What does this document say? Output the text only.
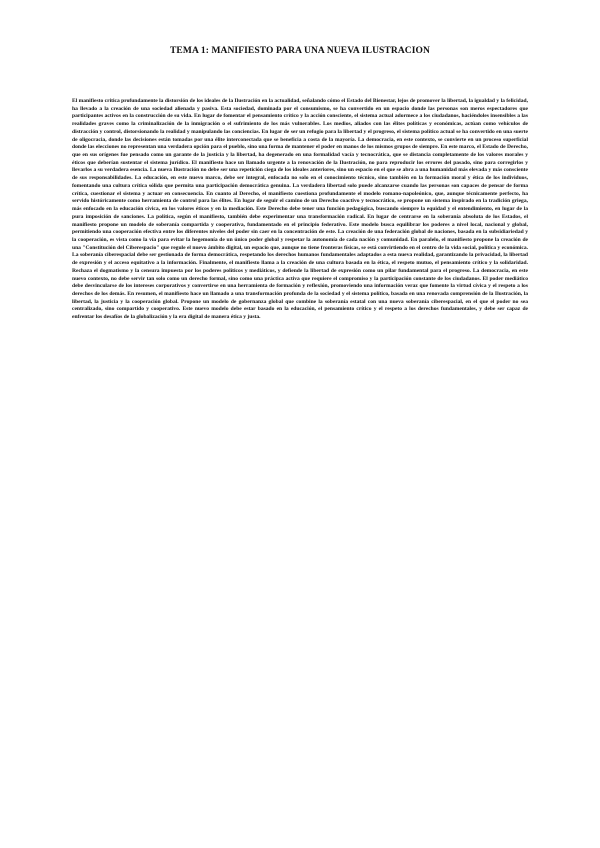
TEMA 1: MANIFIESTO PARA UNA NUEVA ILUSTRACION

El manifiesto critica profundamente la distorsión de los ideales de la Ilustración en la actualidad, señalando cómo el Estado del Bienestar, lejos de promover la libertad, la igualdad y la felicidad, ha llevado a la creación de una sociedad alienada y pasiva. Esta sociedad, dominada por el consumismo, se ha convertido en un espacio donde las personas son meros espectadores que participantes activos en la construcción de su vida. En lugar de fomentar el pensamiento crítico y la acción consciente, el sistema actual adormece a los ciudadanos, haciéndoles insensibles a las realidades graves como la criminalización de la inmigración o el sufrimiento de los más vulnerables. Los medios, aliados con las élites políticas y económicas, actúan como vehículos de distracción y control, distorsionando la realidad y manipulando las conciencias. En lugar de ser un refugio para la libertad y el progreso, el sistema político actual se ha convertido en una suerte de oligocracia, donde las decisiones están tomadas por una élite interconectada que se beneficia a costa de la mayoría. La democracia, en este contexto, se convierte en un proceso superficial donde las elecciones no representan una verdadera opción para el pueblo, sino una forma de mantener el poder en manos de los mismos grupos de siempre. En este marco, el Estado de Derecho, que en sus orígenes fue pensado como un garante de la justicia y la libertad, ha degenerado en una formalidad vacía y tecnocrática, que se distancia completamente de los valores morales y éticos que deberían sustentar el sistema jurídico. El manifiesto hace un llamado urgente a la renovación de la Ilustración, no para reproducir los errores del pasado, sino para corregirlos y llevarlos a su verdadera esencia. La nueva Ilustración no debe ser una repetición ciega de los ideales anteriores, sino un espacio en el que se abra a una humanidad más elevada y más consciente de sus responsabilidades. La educación, en este nuevo marco, debe ser integral, enfocada no solo en el conocimiento técnico, sino también en la formación moral y ética de los individuos, fomentando una cultura crítica sólida que permita una participación democrática genuina. La verdadera libertad solo puede alcanzarse cuando las personas son capaces de pensar de forma crítica, cuestionar el sistema y actuar en consecuencia. En cuanto al Derecho, el manifiesto cuestiona profundamente el modelo romano-napoleónico, que, aunque técnicamente perfecto, ha servido históricamente como herramienta de control para las élites. En lugar de seguir el camino de un Derecho coactivo y tecnocrático, se propone un sistema inspirado en la tradición griega, más enfocado en la educación cívica, en los valores éticos y en la mediación. Este Derecho debe tener una función pedagógica, buscando siempre la equidad y el entendimiento, en lugar de la pura imposición de sanciones. La política, según el manifiesto, también debe experimentar una transformación radical. En lugar de centrarse en la soberanía absoluta de los Estados, el manifiesto propone un modelo de soberanía compartida y cooperativa, fundamentado en el principio federativo. Este modelo busca equilibrar los poderes a nivel local, nacional y global, permitiendo una cooperación efectiva entre los diferentes niveles del poder sin caer en la concentración de este. La creación de una federación global de naciones, basada en la subsidiariedad y la cooperación, es vista como la vía para evitar la hegemonía de un único poder global y respetar la autonomía de cada nación y comunidad. En paralelo, el manifiesto propone la creación de una "Constitución del Ciberespacio" que regule el nuevo ámbito digital, un espacio que, aunque no tiene fronteras físicas, se está convirtiendo en el centro de la vida social, política y económica. La soberanía ciberespacial debe ser gestionada de forma democrática, respetando los derechos humanos fundamentales adaptados a esta nueva realidad, garantizando la privacidad, la libertad de expresión y el acceso equitativo a la información. Finalmente, el manifiesto llama a la creación de una cultura basada en la ética, el respeto mutuo, el pensamiento crítico y la solidaridad. Rechaza el dogmatismo y la censura impuesta por los poderes políticos y mediáticos, y defiende la libertad de expresión como un pilar fundamental para el progreso. La democracia, en este nuevo contexto, no debe servir tan solo como un derecho formal, sino como una práctica activa que requiere el compromiso y la participación constante de los ciudadanos. El poder mediático debe desvincularse de los intereses corporativos y convertirse en una herramienta de formación y reflexión, promoviendo una información veraz que fomente la virtud cívica y el respeto a los derechos de los demás. En resumen, el manifiesto hace un llamado a una transformación profunda de la sociedad y el sistema político, basada en una renovada comprensión de la Ilustración, la libertad, la justicia y la cooperación global. Propone un modelo de gobernanza global que combine la soberanía estatal con una nueva soberanía ciberespacial, en el que el poder no sea centralizado, sino compartido y cooperativo. Este nuevo modelo debe estar basado en la educación, el pensamiento crítico y el respeto a los derechos fundamentales, y debe ser capaz de enfrentar los desafíos de la globalización y la era digital de manera ética y justa.
